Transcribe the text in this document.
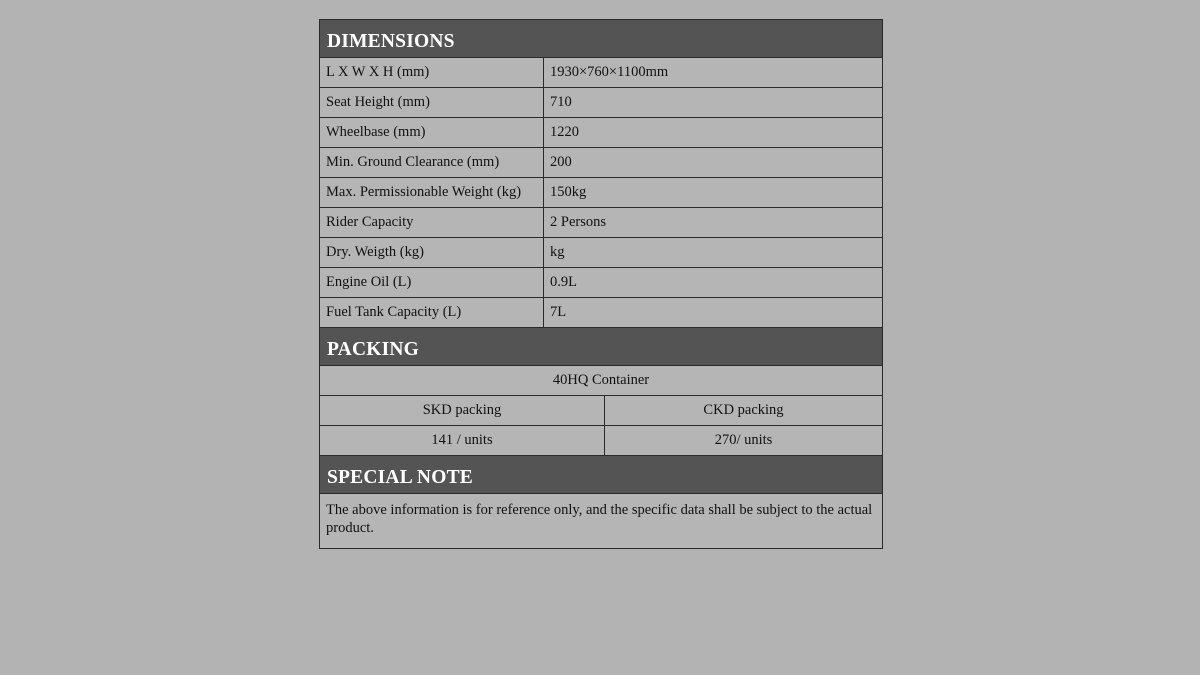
DIMENSIONS		
L X W X H (mm)	1930×760×1100mm	
Seat Height (mm)	710	
Wheelbase (mm)	1220	
Min. Ground Clearance (mm)	200	
Max. Permissionable Weight (kg)	150kg	
Rider Capacity	2 Persons	
Dry. Weigth (kg)	kg	
Engine Oil (L)	0.9L	
Fuel Tank Capacity (L)	7L	
PACKING		
40HQ Container		
SKD packing		CKD packing
141 / units		270/ units
SPECIAL NOTE		
The above information is for reference only, and the specific data shall be subject to the actual product.		
